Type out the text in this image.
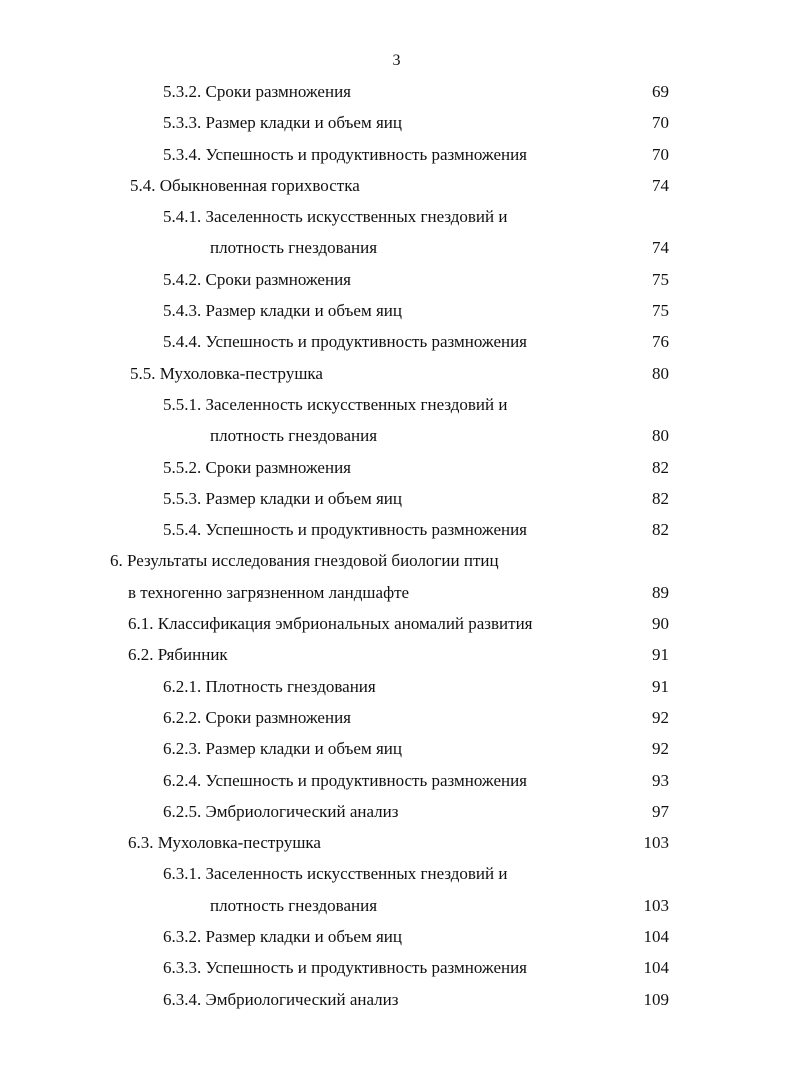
3
5.3.2. Сроки размножения	69
5.3.3. Размер кладки и объем яиц	70
5.3.4. Успешность и продуктивность размножения	70
5.4. Обыкновенная горихвостка	74
5.4.1. Заселенность искусственных гнездовий и
плотность гнездования	74
5.4.2. Сроки размножения	75
5.4.3. Размер кладки и объем яиц	75
5.4.4. Успешность и продуктивность размножения	76
5.5. Мухоловка-пеструшка	80
5.5.1. Заселенность искусственных гнездовий и
плотность гнездования	80
5.5.2. Сроки размножения	82
5.5.3. Размер кладки и объем яиц	82
5.5.4. Успешность и продуктивность размножения	82
6. Результаты исследования гнездовой биологии птиц
в техногенно загрязненном ландшафте	89
6.1. Классификация эмбриональных аномалий развития	90
6.2. Рябинник	91
6.2.1. Плотность гнездования	91
6.2.2. Сроки размножения	92
6.2.3. Размер кладки и объем яиц	92
6.2.4. Успешность и продуктивность размножения	93
6.2.5. Эмбриологический анализ	97
6.3. Мухоловка-пеструшка	103
6.3.1. Заселенность искусственных гнездовий и
плотность гнездования	103
6.3.2. Размер кладки и объем яиц	104
6.3.3. Успешность и продуктивность размножения	104
6.3.4. Эмбриологический анализ	109
